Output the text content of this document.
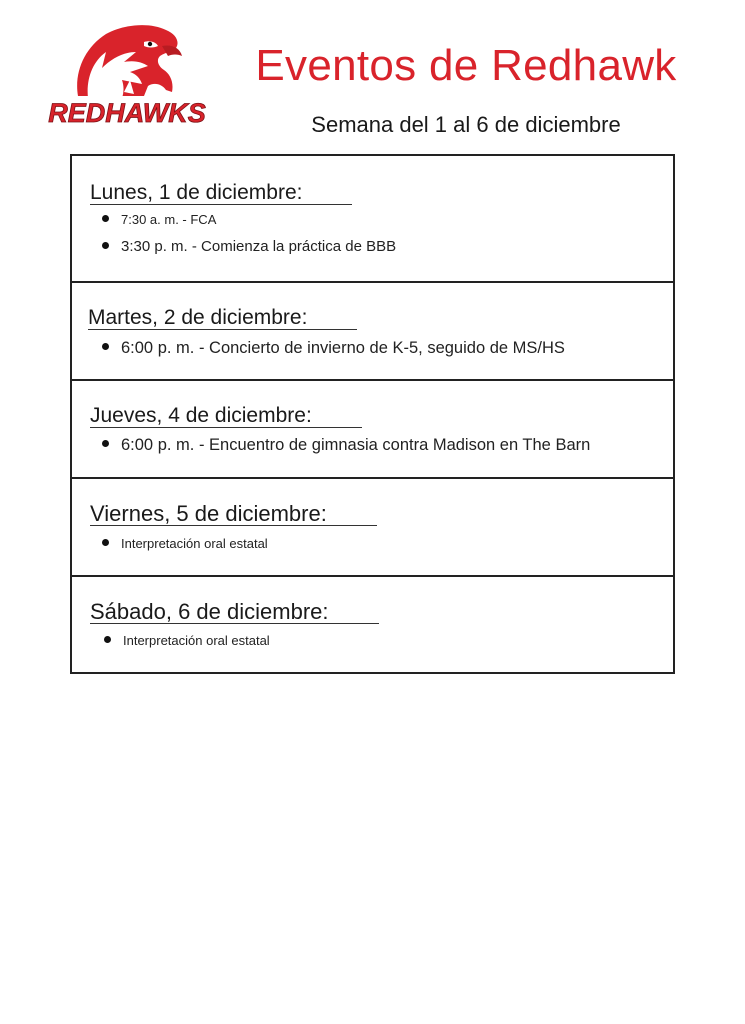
REDHAWKS
Eventos de Redhawk
Semana del 1 al 6 de diciembre
Lunes, 1 de diciembre:
7:30 a. m. - FCA
3:30 p. m. - Comienza la práctica de BBB
Martes, 2 de diciembre:
6:00 p. m. - Concierto de invierno de K-5, seguido de MS/HS
Jueves, 4 de diciembre:
6:00 p. m. - Encuentro de gimnasia contra Madison en The Barn
Viernes, 5 de diciembre:
Interpretación oral estatal
Sábado, 6 de diciembre:
Interpretación oral estatal
